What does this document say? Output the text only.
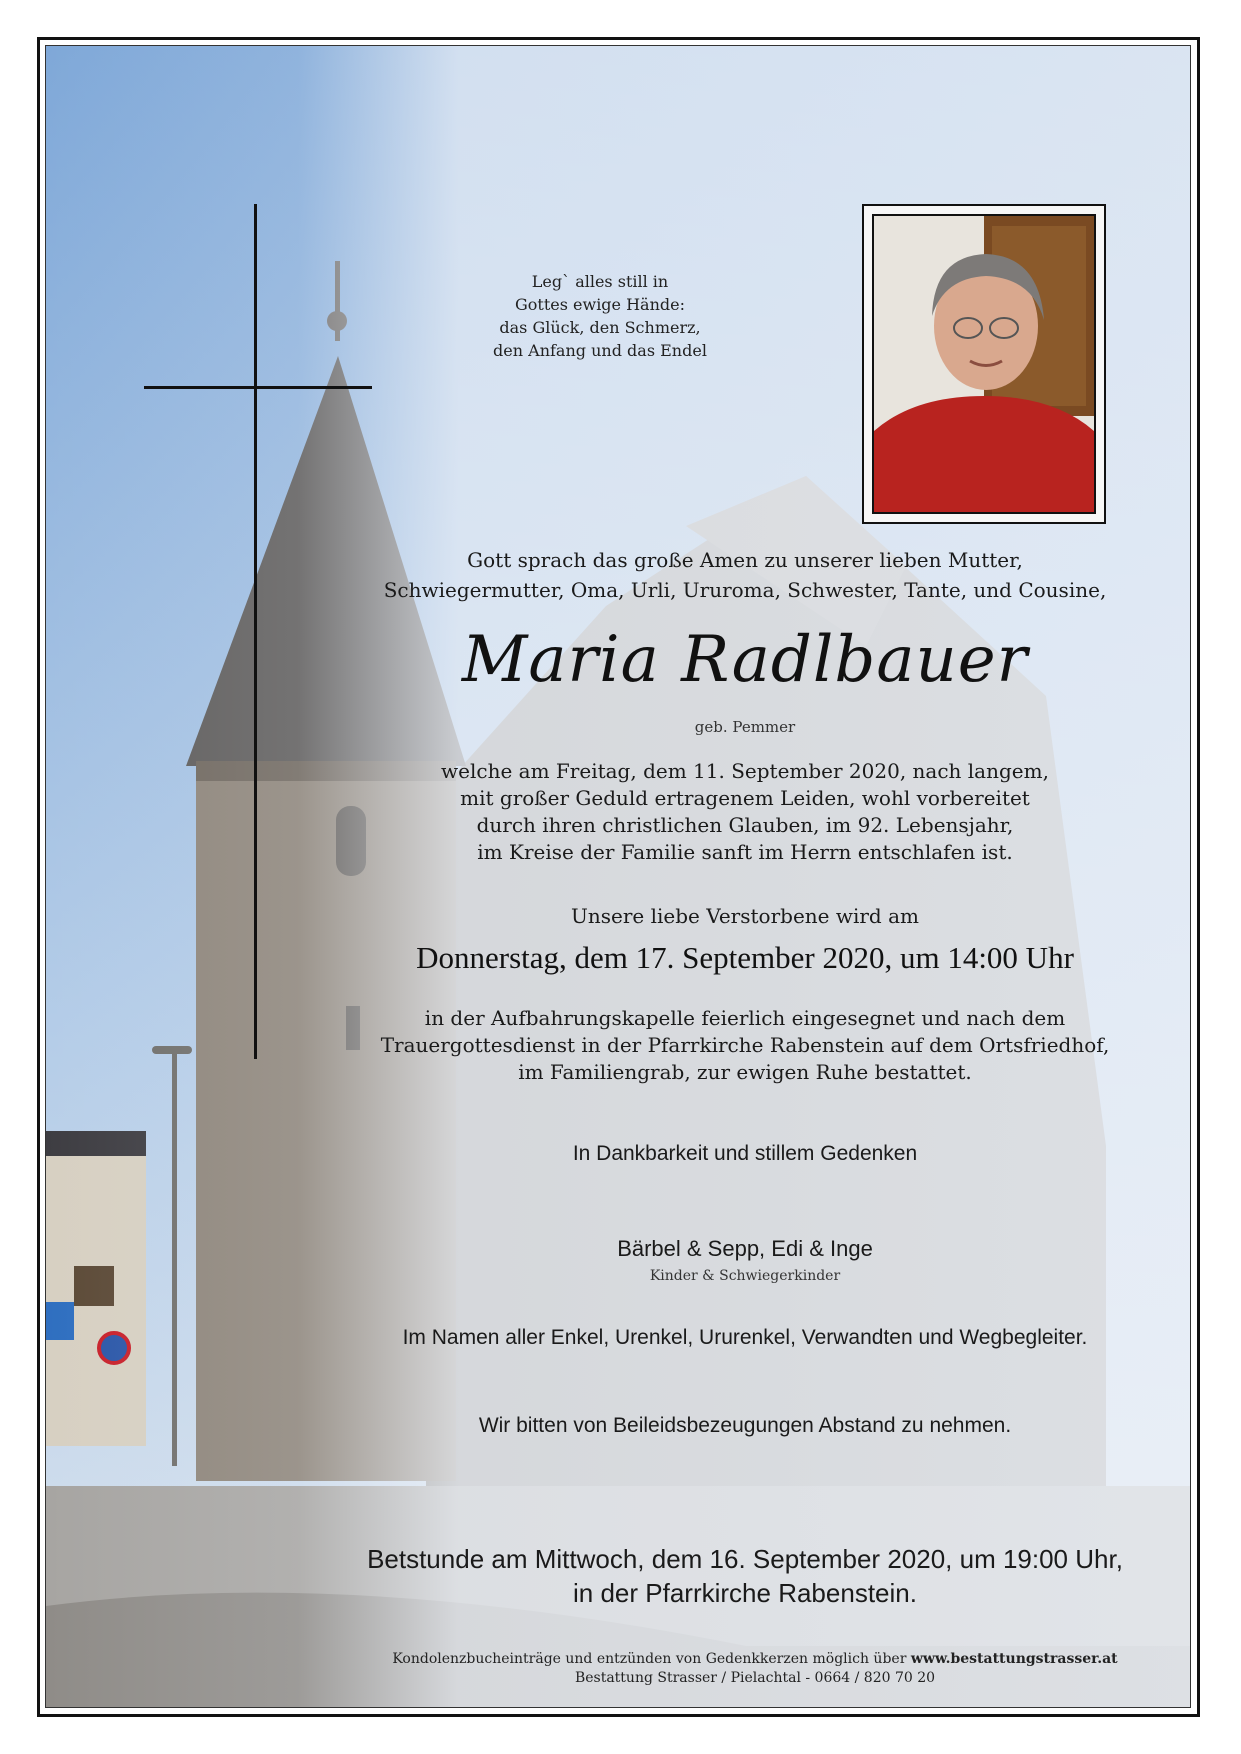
Leg` alles still in
Gottes ewige Hände:
das Glück, den Schmerz,
den Anfang und das Endel
Gott sprach das große Amen zu unserer lieben Mutter,
Schwiegermutter, Oma, Urli, Ururoma, Schwester, Tante, und Cousine,
Maria Radlbauer
geb. Pemmer
welche am Freitag, dem 11. September 2020, nach langem,
mit großer Geduld ertragenem Leiden, wohl vorbereitet
durch ihren christlichen Glauben, im 92. Lebensjahr,
im Kreise der Familie sanft im Herrn entschlafen ist.
Unsere liebe Verstorbene wird am
Donnerstag, dem 17. September 2020, um 14:00 Uhr
in der Aufbahrungskapelle feierlich eingesegnet und nach dem
Trauergottesdienst in der Pfarrkirche Rabenstein auf dem Ortsfriedhof,
im Familiengrab, zur ewigen Ruhe bestattet.
In Dankbarkeit und stillem Gedenken
Bärbel & Sepp, Edi & Inge
Kinder & Schwiegerkinder
Im Namen aller Enkel, Urenkel, Ururenkel, Verwandten und Wegbegleiter.
Wir bitten von Beileidsbezeugungen Abstand zu nehmen.
Betstunde am Mittwoch, dem 16. September 2020, um 19:00 Uhr,
in der Pfarrkirche Rabenstein.
Kondolenzbucheinträge und entzünden von Gedenkkerzen möglich über www.bestattungstrasser.at
Bestattung Strasser / Pielachtal - 0664 / 820 70 20
